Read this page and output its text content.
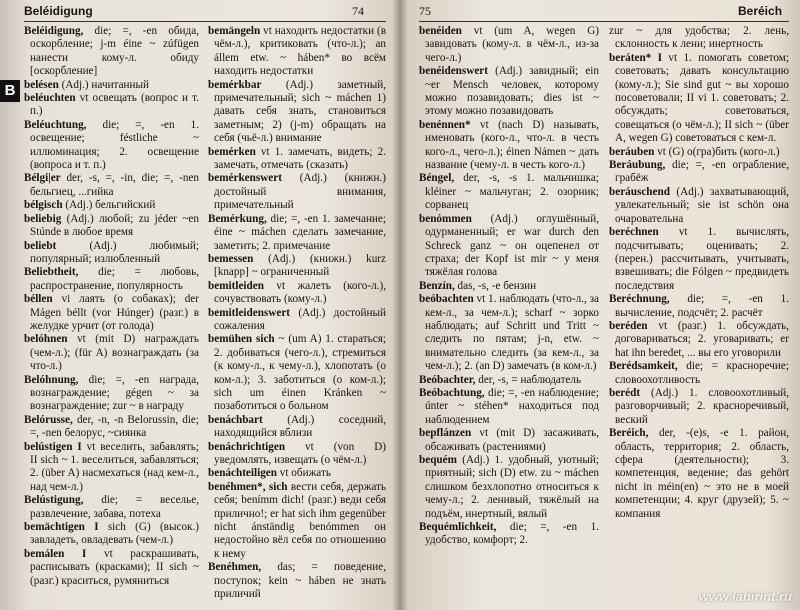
Beléidigung	74
B

Beléidigung, die; =, -en обида, оскорбление; j-m éine ~ zúfügen нанести кому-л. обиду [оскорбление]

belésen (Adj.) начитанный

beléuchten vt освещать (вопрос и т. п.)

Beléuchtung, die; =, -en 1. освещение; féstliche ~ иллюминация; 2. освещение (вопроса и т. п.)

Bélgi|er der, -s, =, -in, die; =, -nen бельгиец, ...гийка

bélgisch (Adj.) бельгийский

beliebig (Adj.) любой; zu jéder ~en Stúnde в любое время

beliebt (Adj.) любимый; популярный; излюбленный

Beliebtheit, die; = любовь, распространение, популярность

béllen vi лаять (о собаках); der Mágen béllt (vor Húnger) (разг.) в желудке урчит (от голода)

belóhnen vt (mit D) награждать (чем-л.); (für A) вознаграждать (за что-л.)

Belóhnung, die; =, -en награда, вознаграждение; gégen ~ за вознаграждение; zur ~ в награду

Belórusse, der, -n, -n Belorussin, die; =, -nen белорус, ~сиянка

belústigen I vt веселить, забавлять; II sich ~ 1. веселиться, забавляться; 2. (über A) насмехаться (над кем-л., над чем-л.)

Belústigung, die; = веселье, развлечение, забава, потеха

bemächtigen I sich (G) (высок.) завладеть, овладевать (чем-л.)

bemálen I vt раскрашивать, расписывать (красками); II sich ~ (разг.) краситься, румяниться

bemängeln vt находить недостатки (в чём-л.), критиковать (что-л.); an állem etw. ~ háben* во всём находить недостатки

bemérkbar (Adj.) заметный, примечательный; sich ~ máchen 1) давать себя знать, становиться заметным; 2) (j-m) обращать на себя (чьё-л.) внимание

bemérken vt 1. замечать, видеть; 2. замечать, отмечать (сказать)

bemérkenswert (Adj.) (книжн.) достойный внимания, примечательный

Bemérkung, die; =, -en 1. замечание; éine ~ máchen сделать замечание, заметить; 2. примечание

bemessen (Adj.) (книжн.) kurz [knapp] ~ ограниченный

bemitleiden vt жалеть (кого-л.), сочувствовать (кому-л.)

bemitleidenswert (Adj.) достойный сожаления

bemühen sich ~ (um A) 1. стараться; 2. добиваться (чего-л.), стремиться (к кому-л., к чему-л.), хлопотать (о ком-л.); 3. заботиться (о ком-л.); sich um éinen Kránken ~ позаботиться о больном

benáchbart (Adj.) соседний, находящийся вблизи

benáchrichtigen vt (von D) уведомлять, извещать (о чём-л.)

benáchteiligen vt обижать

benéhmen*, sich вести себя, держать себя; benímm dich! (разг.) веди себя прилично!; er hat sich ihm gegenüber nicht ánständig benómmen он недостойно вёл себя по отношению к нему

Benéhmen, das; = поведение, поступок; kein ~ háben не знать приличий

75	Beréich

benéiden vt (um A, wegen G) завидовать (кому-л. в чём-л., из-за чего-л.)

benéidenswert (Adj.) завидный; ein ~er Mensch человек, которому можно позавидовать; dies ist ~ этому можно позавидовать

benénnen* vt (nach D) называть, именовать (кого-л., что-л. в честь кого-л., чего-л.); éinen Námen ~ дать название (чему-л. в честь кого-л.)

Béngel, der, -s, -s 1. мальчишка; kléiner ~ мальчуган; 2. озорник; сорванец

benómmen (Adj.) оглушённый, одурманенный; er war durch den Schreck ganz ~ он оцепенел от страха; der Kopf ist mir ~ у меня тяжёлая голова

Benzín, das, -s, -e бензин

beóbachten vt 1. наблюдать (что-л., за кем-л., за чем-л.); scharf ~ зорко наблюдать; auf Schritt und Tritt ~ следить по пятам; j-n, etw. ~ внимательно следить (за кем-л., за чем-л.); 2. (an D) замечать (в ком-л.)

Beóbachter, der, -s, = наблюдатель

Beóbachtung, die; =, -en наблюдение; únter ~ stéhen* находиться под наблюдением

bepflánzen vt (mit D) засаживать, обсаживать (растениями)

bequém (Adj.) 1. удобный, уютный; приятный; sich (D) etw. zu ~ máchen слишком безхлопотно относиться к чему-л.; 2. ленивый, тяжёлый на подъём, инертный, вялый

Bequémlichkeit, die; =, -en 1. удобство, комфорт; 2.

zur ~ для удобства; 2. лень, склонность к лени; инертность

beráten* I vt 1. помогать советом; советовать; давать консультацию (кому-л.); Sie sind gut ~ вы хорошо посоветовали; II vi 1. советовать; 2. обсуждать; советоваться, совещаться (о чём-л.); II sich ~ (über A, wegen G) советоваться с кем-л.

beráuben vt (G) о(гра)бить (кого-л.)

Beráubung, die; =, -en ограбление, грабёж

beráuschend (Adj.) захватывающий, увлекательный; sie ist schön она очаровательна

beréchnen vt 1. вычислять, подсчитывать; оценивать; 2. (перен.) рассчитывать, учитывать, взвешивать; die Fólgen ~ предвидеть последствия

Beréchnung, die; =, -en 1. вычисление, подсчёт; 2. расчёт

beréden vt (разг.) 1. обсуждать, договариваться; 2. уговаривать; er hat ihn beredet, ... вы его уговорили

Berédsamkeit, die; = красноречие; словоохотливость

berédt (Adj.) 1. словоохотливый, разговорчивый; 2. красноречивый, веский

Beréich, der, -(e)s, -e 1. район, область, территория; 2. область, сфера (деятельности); 3. компетенция, ведение; das gehört nicht in méin(en) ~ это не в моей компетенции; 4. круг (друзей); 5. ~ компания

www.labirint.ru
